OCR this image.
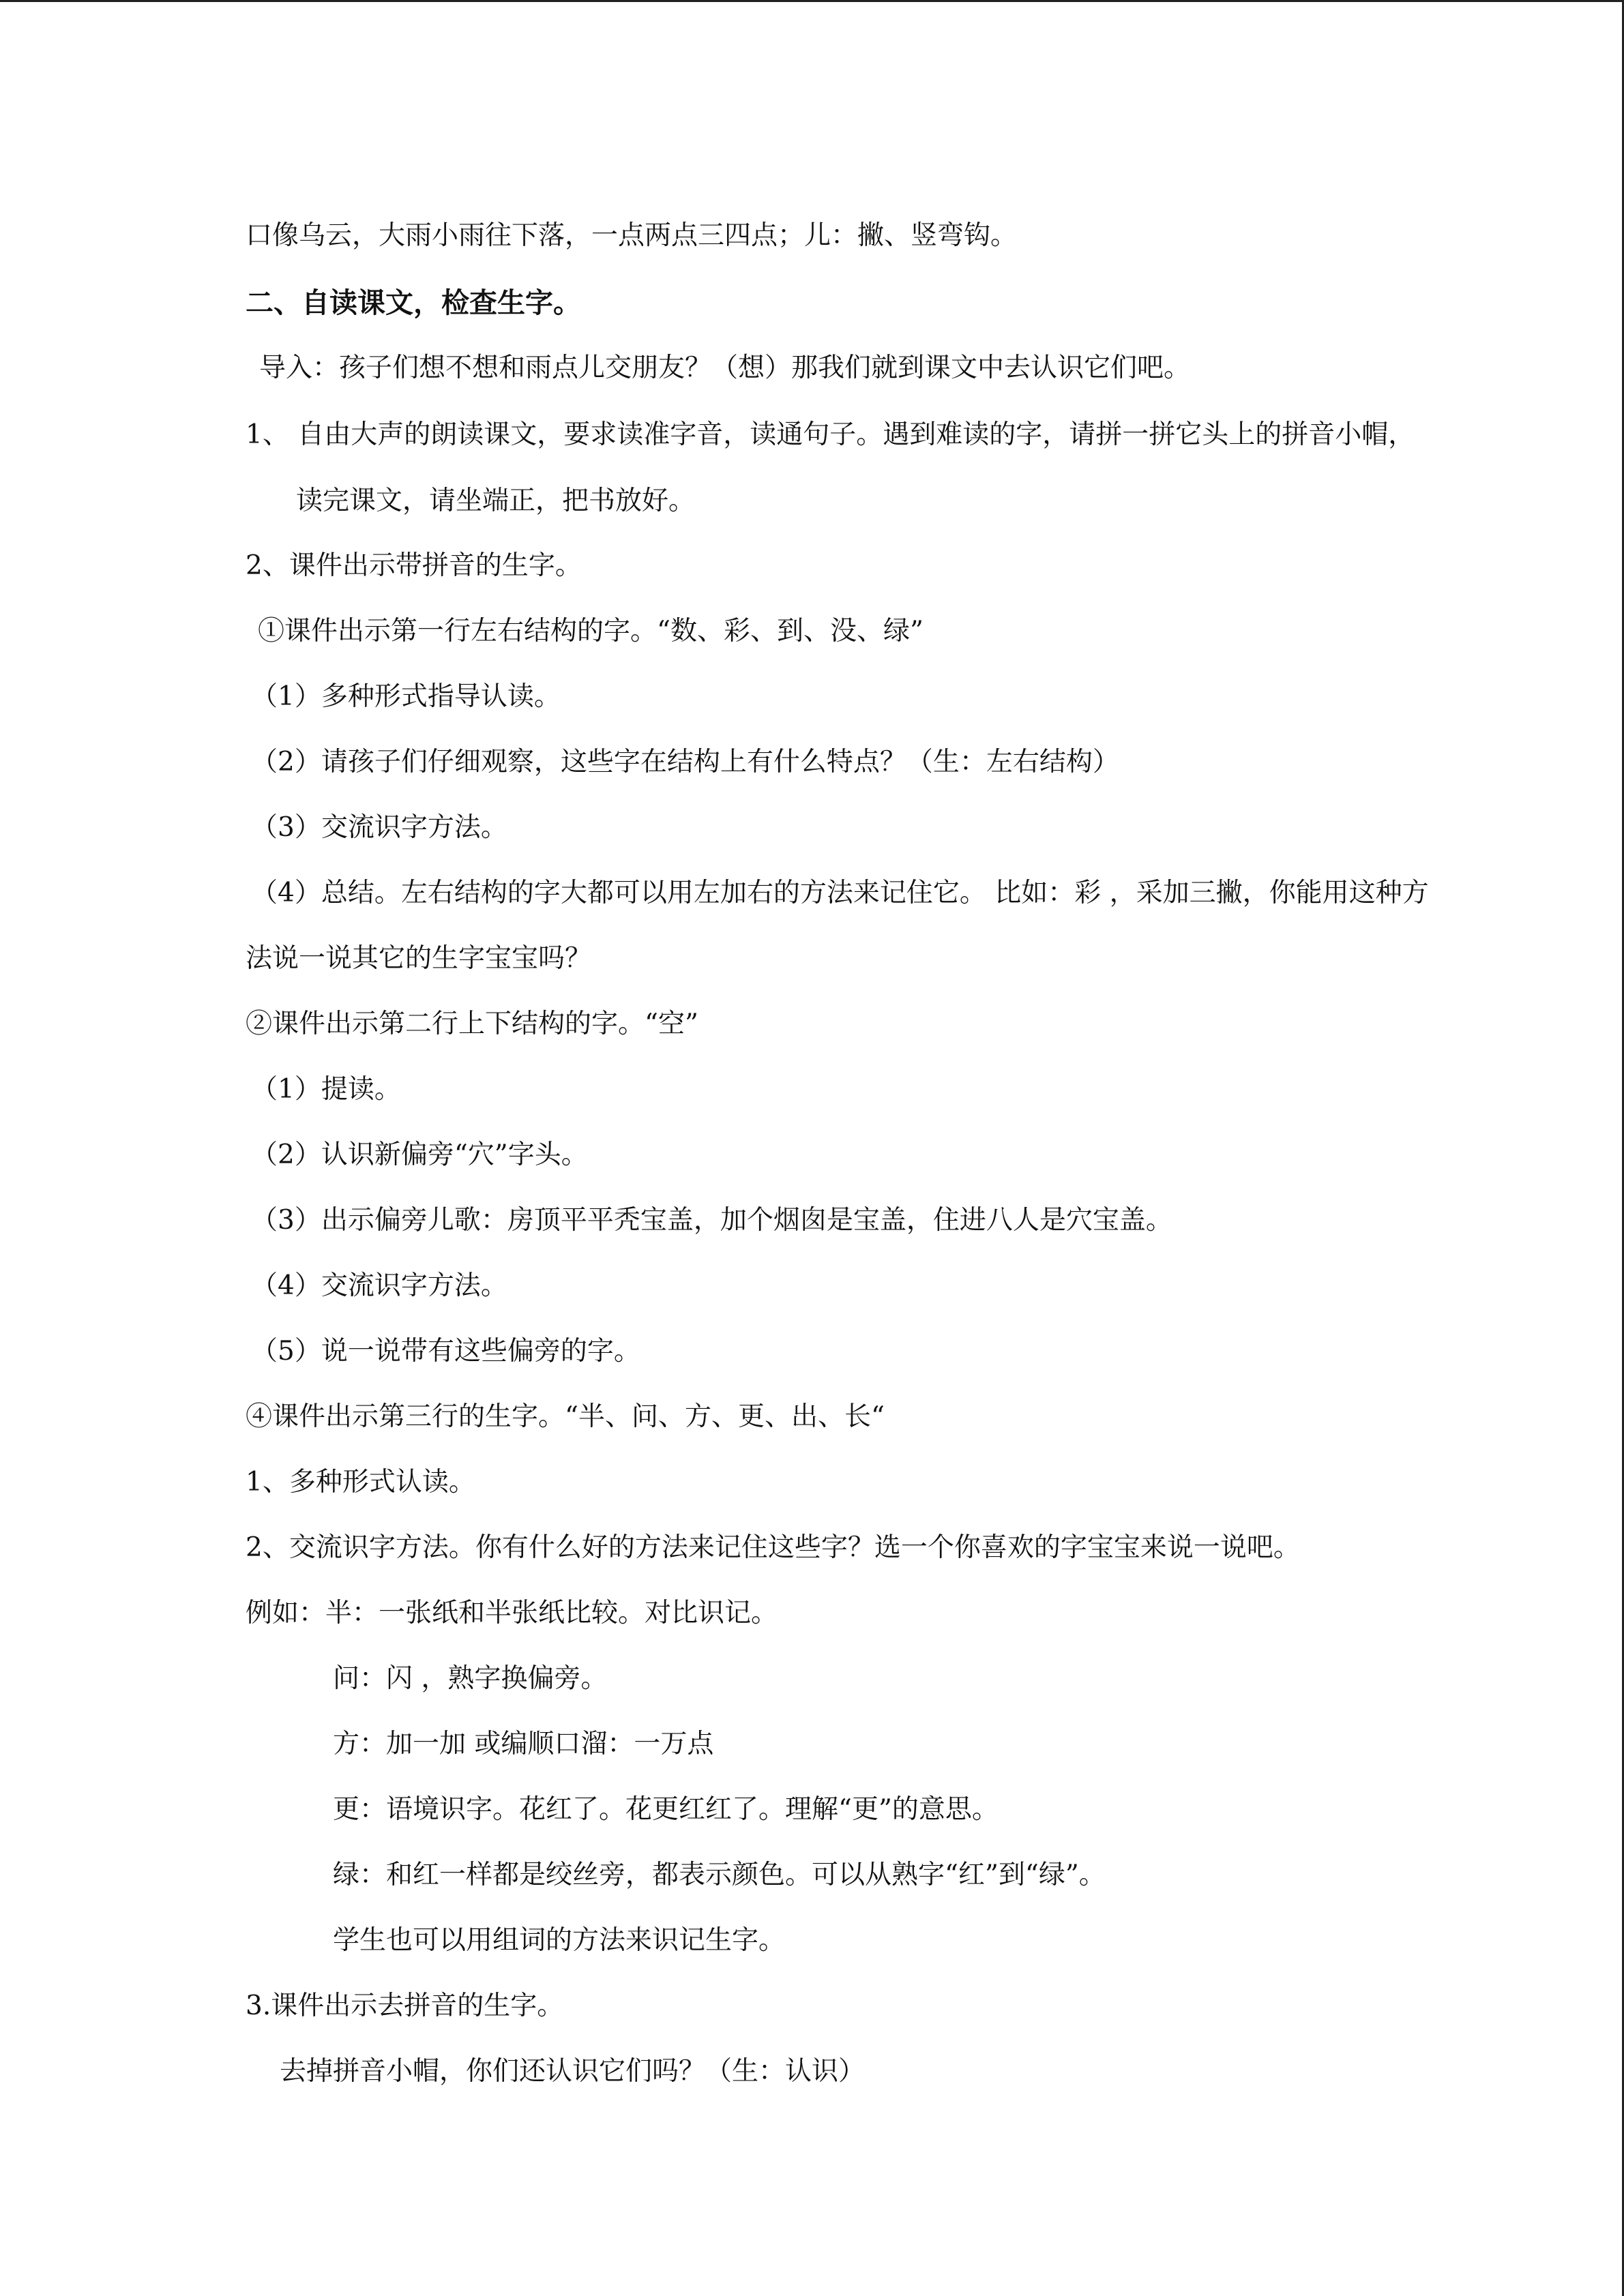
口像乌云，大雨小雨往下落，一点两点三四点；儿：撇、竖弯钩。
二、自读课文，检查生字。
导入：孩子们想不想和雨点儿交朋友？（想）那我们就到课文中去认识它们吧。
1、 自由大声的朗读课文，要求读准字音，读通句子。遇到难读的字，请拼一拼它头上的拼音小帽，
读完课文，请坐端正，把书放好。
2、课件出示带拼音的生字。
①课件出示第一行左右结构的字。“数、彩、到、没、绿”
（1）多种形式指导认读。
（2）请孩子们仔细观察，这些字在结构上有什么特点？（生：左右结构）
（3）交流识字方法。
（4）总结。左右结构的字大都可以用左加右的方法来记住它。 比如：彩 ，采加三撇，你能用这种方
法说一说其它的生字宝宝吗？
②课件出示第二行上下结构的字。“空”
（1）提读。
（2）认识新偏旁“穴”字头。
（3）出示偏旁儿歌：房顶平平秃宝盖，加个烟囱是宝盖，住进八人是穴宝盖。
（4）交流识字方法。
（5）说一说带有这些偏旁的字。
④课件出示第三行的生字。“半、问、方、更、出、长“
1、多种形式认读。
2、交流识字方法。你有什么好的方法来记住这些字？选一个你喜欢的字宝宝来说一说吧。
例如：半：一张纸和半张纸比较。对比识记。
问：闪 ，熟字换偏旁。
方：加一加 或编顺口溜：一万点
更：语境识字。花红了。花更红红了。理解“更”的意思。
绿：和红一样都是绞丝旁，都表示颜色。可以从熟字“红”到“绿”。
学生也可以用组词的方法来识记生字。
3.课件出示去拼音的生字。
去掉拼音小帽，你们还认识它们吗？（生：认识）
